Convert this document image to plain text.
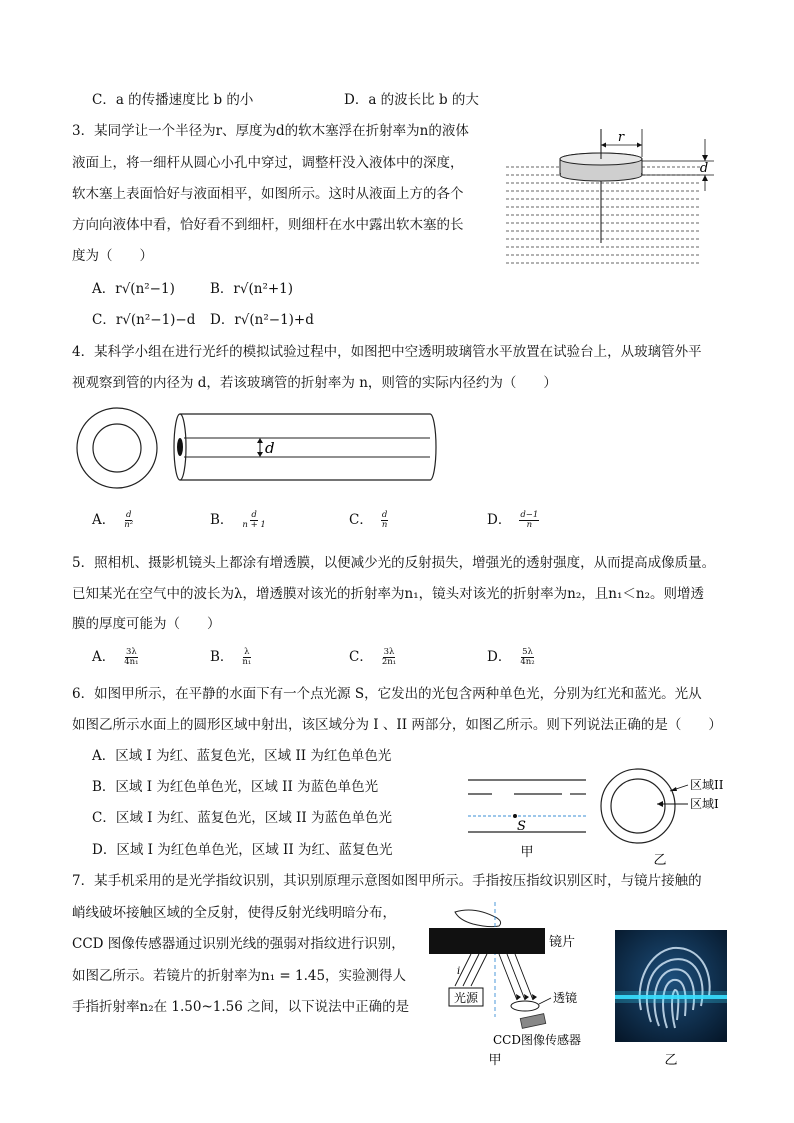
C．a 的传播速度比 b 的小	D．a 的波长比 b 的大
3．某同学让一个半径为r、厚度为d的软木塞浮在折射率为n的液体
液面上，将一细杆从圆心小孔中穿过，调整杆没入液体中的深度，
软木塞上表面恰好与液面相平，如图所示。这时从液面上方的各个
方向向液体中看，恰好看不到细杆，则细杆在水中露出软木塞的长
度为（　　）
A．r√(n²−1)	B．r√(n²+1)
C．r√(n²−1)−d D．r√(n²−1)+d
r
d
4．某科学小组在进行光纤的模拟试验过程中，如图把中空透明玻璃管水平放置在试验台上，从玻璃管外平
视观察到管的内径为 d，若该玻璃管的折射率为 n，则管的实际内径约为（　　）
d
A． $\frac{d}{\text{n²}}$	B． $\frac{d}{n + 1}$	C． $\frac{d}{n}$	D． $\frac{d-1}{n}$
5．照相机、摄影机镜头上都涂有增透膜，以便减少光的反射损失，增强光的透射强度，从而提高成像质量。
已知某光在空气中的波长为λ，增透膜对该光的折射率为n₁，镜头对该光的折射率为n₂，且n₁＜n₂。则增透
膜的厚度可能为（　　）
A． $\frac{3\lambda}{\text{4n₁}}$	B． $\frac{\lambda}{\text{n₁}}$	C． $\frac{3\lambda}{\text{2n₁}}$	D． $\frac{5\lambda}{\text{4n₂}}$
6．如图甲所示，在平静的水面下有一个点光源 S，它发出的光包含两种单色光，分别为红光和蓝光。光从
如图乙所示水面上的圆形区域中射出，该区域分为 I 、II 两部分，如图乙所示。则下列说法正确的是（　　）
A．区域 I 为红、蓝复色光，区域 II 为红色单色光
B．区域 I 为红色单色光，区域 II 为蓝色单色光
C．区域 I 为红、蓝复色光，区域 II 为蓝色单色光
D．区域 I 为红色单色光，区域 II 为红、蓝复色光
S
甲
区域II
区域I
乙
7．某手机采用的是光学指纹识别，其识别原理示意图如图甲所示。手指按压指纹识别区时，与镜片接触的
峭线破坏接触区域的全反射，使得反射光线明暗分布，
CCD 图像传感器通过识别光线的强弱对指纹进行识别，
如图乙所示。若镜片的折射率为n₁ = 1.45，实验测得人
手指折射率n₂在 1.50~1.56 之间，以下说法中正确的是
镜片
i
光源	透镜
CCD图像传感器
甲	乙
